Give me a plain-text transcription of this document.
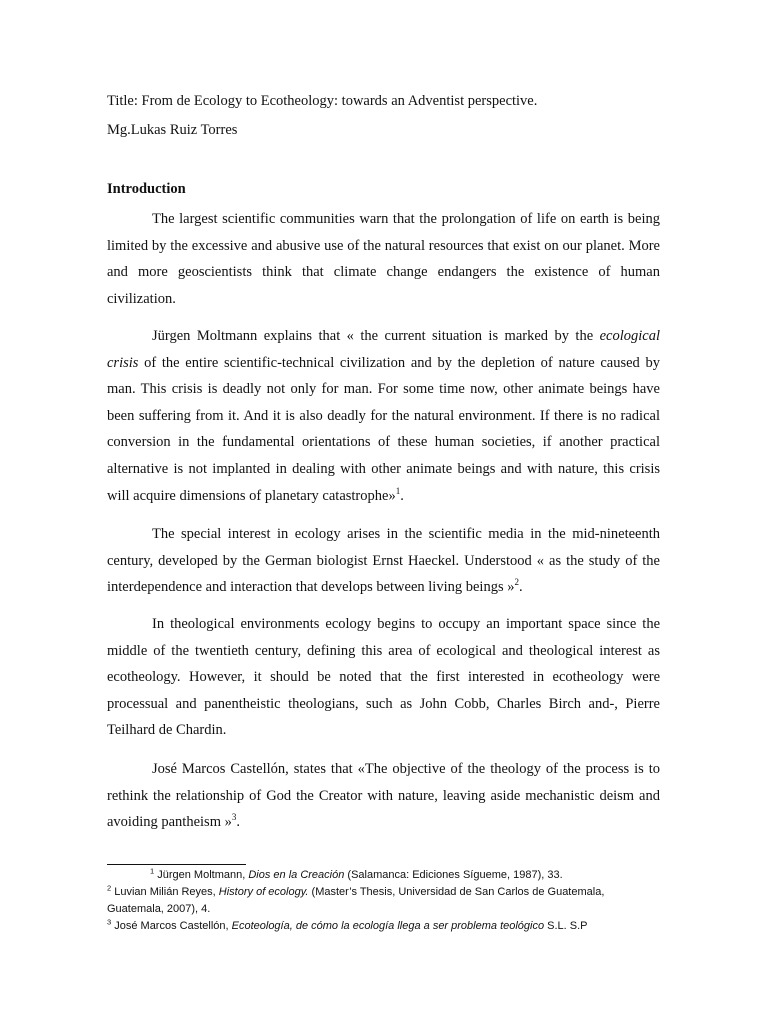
Title: From de Ecology to Ecotheology: towards an Adventist perspective.
Mg.Lukas Ruiz Torres
Introduction

The largest scientific communities warn that the prolongation of life on earth is being limited by the excessive and abusive use of the natural resources that exist on our planet. More and more geoscientists think that climate change endangers the existence of human civilization.

Jürgen Moltmann explains that « the current situation is marked by the ecological crisis of the entire scientific-technical civilization and by the depletion of nature caused by man. This crisis is deadly not only for man. For some time now, other animate beings have been suffering from it. And it is also deadly for the natural environment. If there is no radical conversion in the fundamental orientations of these human societies, if another practical alternative is not implanted in dealing with other animate beings and with nature, this crisis will acquire dimensions of planetary catastrophe»$^1$.

The special interest in ecology arises in the scientific media in the mid-nineteenth century, developed by the German biologist Ernst Haeckel. Understood « as the study of the interdependence and interaction that develops between living beings »$^2$.

In theological environments ecology begins to occupy an important space since the middle of the twentieth century, defining this area of ecological and theological interest as ecotheology. However, it should be noted that the first interested in ecotheology were processual and panentheistic theologians, such as John Cobb, Charles Birch and-, Pierre Teilhard de Chardin.

José Marcos Castellón, states that «The objective of the theology of the process is to rethink the relationship of God the Creator with nature, leaving aside mechanistic deism and avoiding pantheism »$^3$.

$^1$ Jürgen Moltmann, Dios en la Creación (Salamanca: Ediciones Sígueme, 1987), 33.

$^2$ Luvian Milián Reyes, History of ecology. (Master’s Thesis, Universidad de San Carlos de Guatemala, Guatemala, 2007), 4.

$^3$ José Marcos Castellón, Ecoteología, de cómo la ecología llega a ser problema teológico S.L. S.P
